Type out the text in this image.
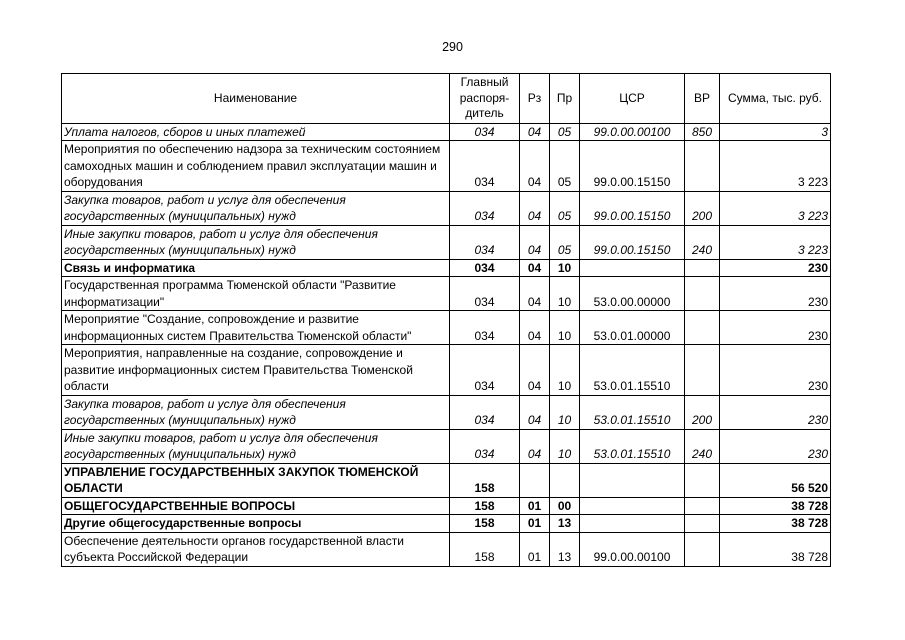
290
Наименование	Главный распоря-дитель	Рз	Пр	ЦСР	ВР	Сумма, тыс. руб.
Уплата налогов, сборов и иных платежей	034	04	05	99.0.00.00100	850	3
Мероприятия по обеспечению надзора за техническим состоянием самоходных машин и соблюдением правил эксплуатации машин и оборудования	034	04	05	99.0.00.15150		3 223
Закупка товаров, работ и услуг для обеспечения государственных (муниципальных) нужд	034	04	05	99.0.00.15150	200	3 223
Иные закупки товаров, работ и услуг для обеспечения государственных (муниципальных) нужд	034	04	05	99.0.00.15150	240	3 223
Связь и информатика	034	04	10			230
Государственная программа Тюменской области "Развитие информатизации"	034	04	10	53.0.00.00000		230
Мероприятие "Создание, сопровождение и развитие информационных систем Правительства Тюменской области"	034	04	10	53.0.01.00000		230
Мероприятия, направленные на создание, сопровождение и развитие информационных систем Правительства Тюменской области	034	04	10	53.0.01.15510		230
Закупка товаров, работ и услуг для обеспечения государственных (муниципальных) нужд	034	04	10	53.0.01.15510	200	230
Иные закупки товаров, работ и услуг для обеспечения государственных (муниципальных) нужд	034	04	10	53.0.01.15510	240	230
УПРАВЛЕНИЕ ГОСУДАРСТВЕННЫХ ЗАКУПОК ТЮМЕНСКОЙ ОБЛАСТИ	158					56 520
ОБЩЕГОСУДАРСТВЕННЫЕ ВОПРОСЫ	158	01	00			38 728
Другие общегосударственные вопросы	158	01	13			38 728
Обеспечение деятельности органов государственной власти субъекта Российской Федерации	158	01	13	99.0.00.00100		38 728
